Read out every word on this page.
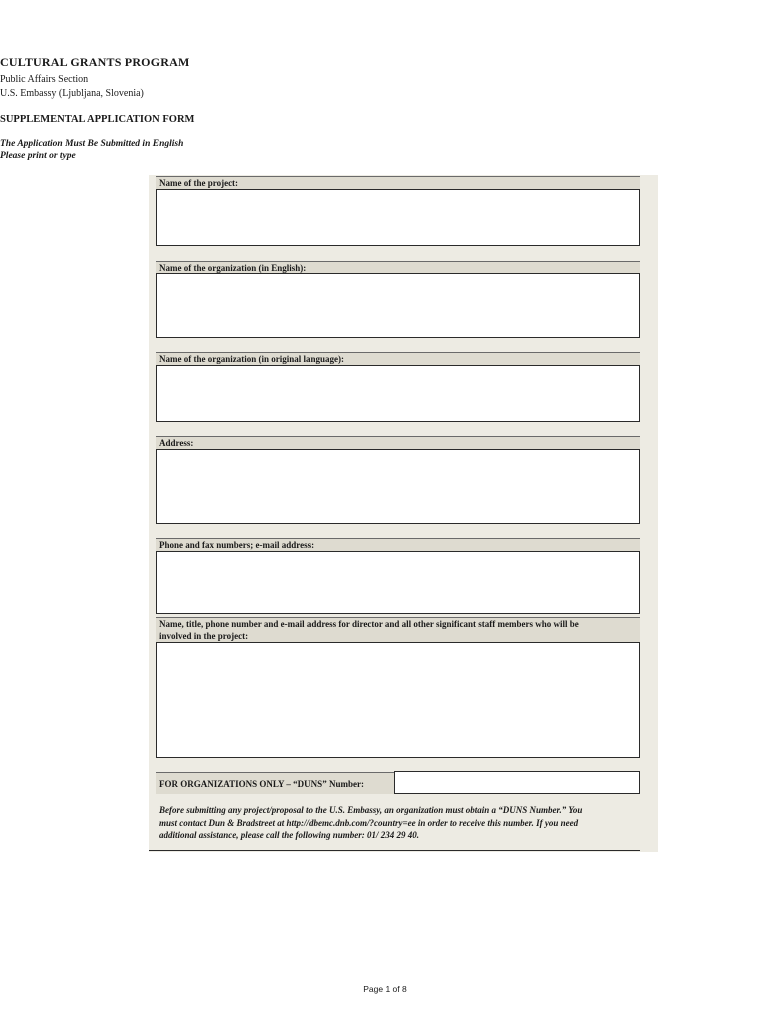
CULTURAL GRANTS PROGRAM
Public Affairs Section
U.S. Embassy (Ljubljana, Slovenia)
SUPPLEMENTAL APPLICATION FORM
The Application Must Be Submitted in English
Please print or type
Name of the project:
Name of the organization (in English):
Name of the organization (in original language):
Address:
Phone and fax numbers; e-mail address:
Name, title, phone number and e-mail address for director and all other significant staff members who will be
involved in the project:
FOR ORGANIZATIONS ONLY – “DUNS” Number:
Before submitting any project/proposal to the U.S. Embassy, an organization must obtain a “DUNS Number.” You
must contact Dun & Bradstreet at http://dbemc.dnb.com/?country=ee in order to receive this number. If you need
additional assistance, please call the following number: 01/ 234 29 40.
Page 1 of 8
